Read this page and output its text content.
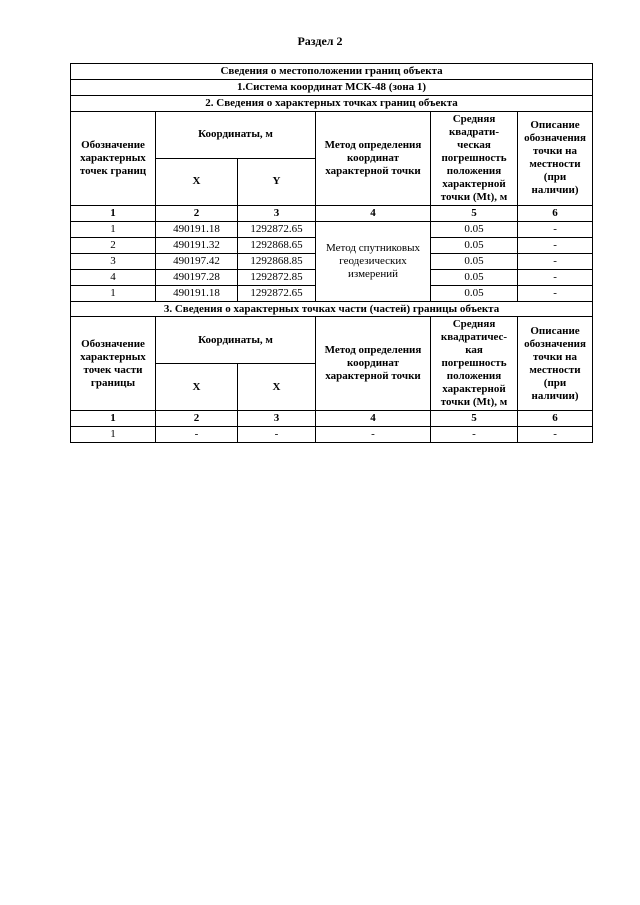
Раздел 2
Сведения о местоположении границ объекта					
1.Система координат МСК-48 (зона 1)					
2. Сведения о характерных точках границ объекта					
Обозначение характерных точек границ	Координаты, м		Метод определения координат характерной точки	Средняя квадрати-ческая погрешность положения характерной точки (Mt), м	Описание обозначения точки на местности (при наличии)
	X	Y			
1	2	3	4	5	6
1	490191.18	1292872.65	Метод спутниковых геодезических измерений	0.05	-
2	490191.32	1292868.65		0.05	-
3	490197.42	1292868.85		0.05	-
4	490197.28	1292872.85		0.05	-
1	490191.18	1292872.65		0.05	-
3. Сведения о характерных точках части (частей) границы объекта					
Обозначение характерных точек части границы	Координаты, м		Метод определения координат характерной точки	Средняя квадратичес-кая погрешность положения характерной точки (Mt), м	Описание обозначения точки на местности (при наличии)
	X	X			
1	2	3	4	5	6
1	-	-	-	-	-
